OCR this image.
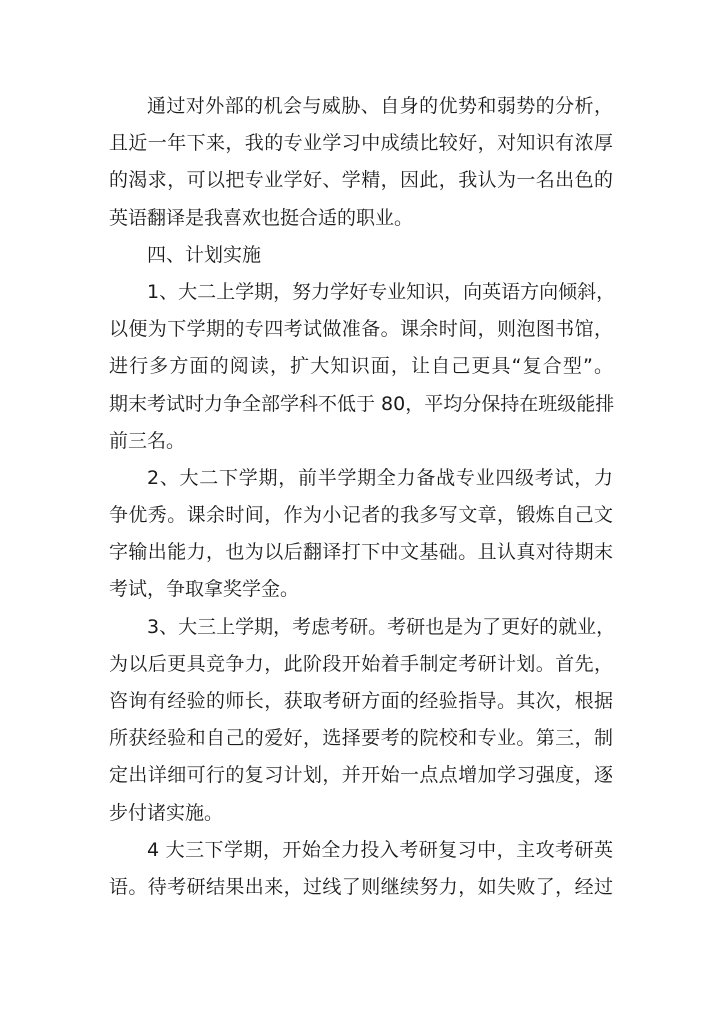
通过对外部的机会与威胁、自身的优势和弱势的分析，
且近一年下来，我的专业学习中成绩比较好，对知识有浓厚
的渴求，可以把专业学好、学精，因此，我认为一名出色的
英语翻译是我喜欢也挺合适的职业。
四、计划实施
1、大二上学期，努力学好专业知识，向英语方向倾斜，
以便为下学期的专四考试做准备。课余时间，则泡图书馆，
进行多方面的阅读，扩大知识面，让自己更具“复合型”。
期末考试时力争全部学科不低于 80，平均分保持在班级能排
前三名。
2、大二下学期，前半学期全力备战专业四级考试，力
争优秀。课余时间，作为小记者的我多写文章，锻炼自己文
字输出能力，也为以后翻译打下中文基础。且认真对待期末
考试，争取拿奖学金。
3、大三上学期，考虑考研。考研也是为了更好的就业，
为以后更具竞争力，此阶段开始着手制定考研计划。首先，
咨询有经验的师长，获取考研方面的经验指导。其次，根据
所获经验和自己的爱好，选择要考的院校和专业。第三，制
定出详细可行的复习计划，并开始一点点增加学习强度，逐
步付诸实施。
4 大三下学期，开始全力投入考研复习中，主攻考研英
语。待考研结果出来，过线了则继续努力，如失败了，经过
